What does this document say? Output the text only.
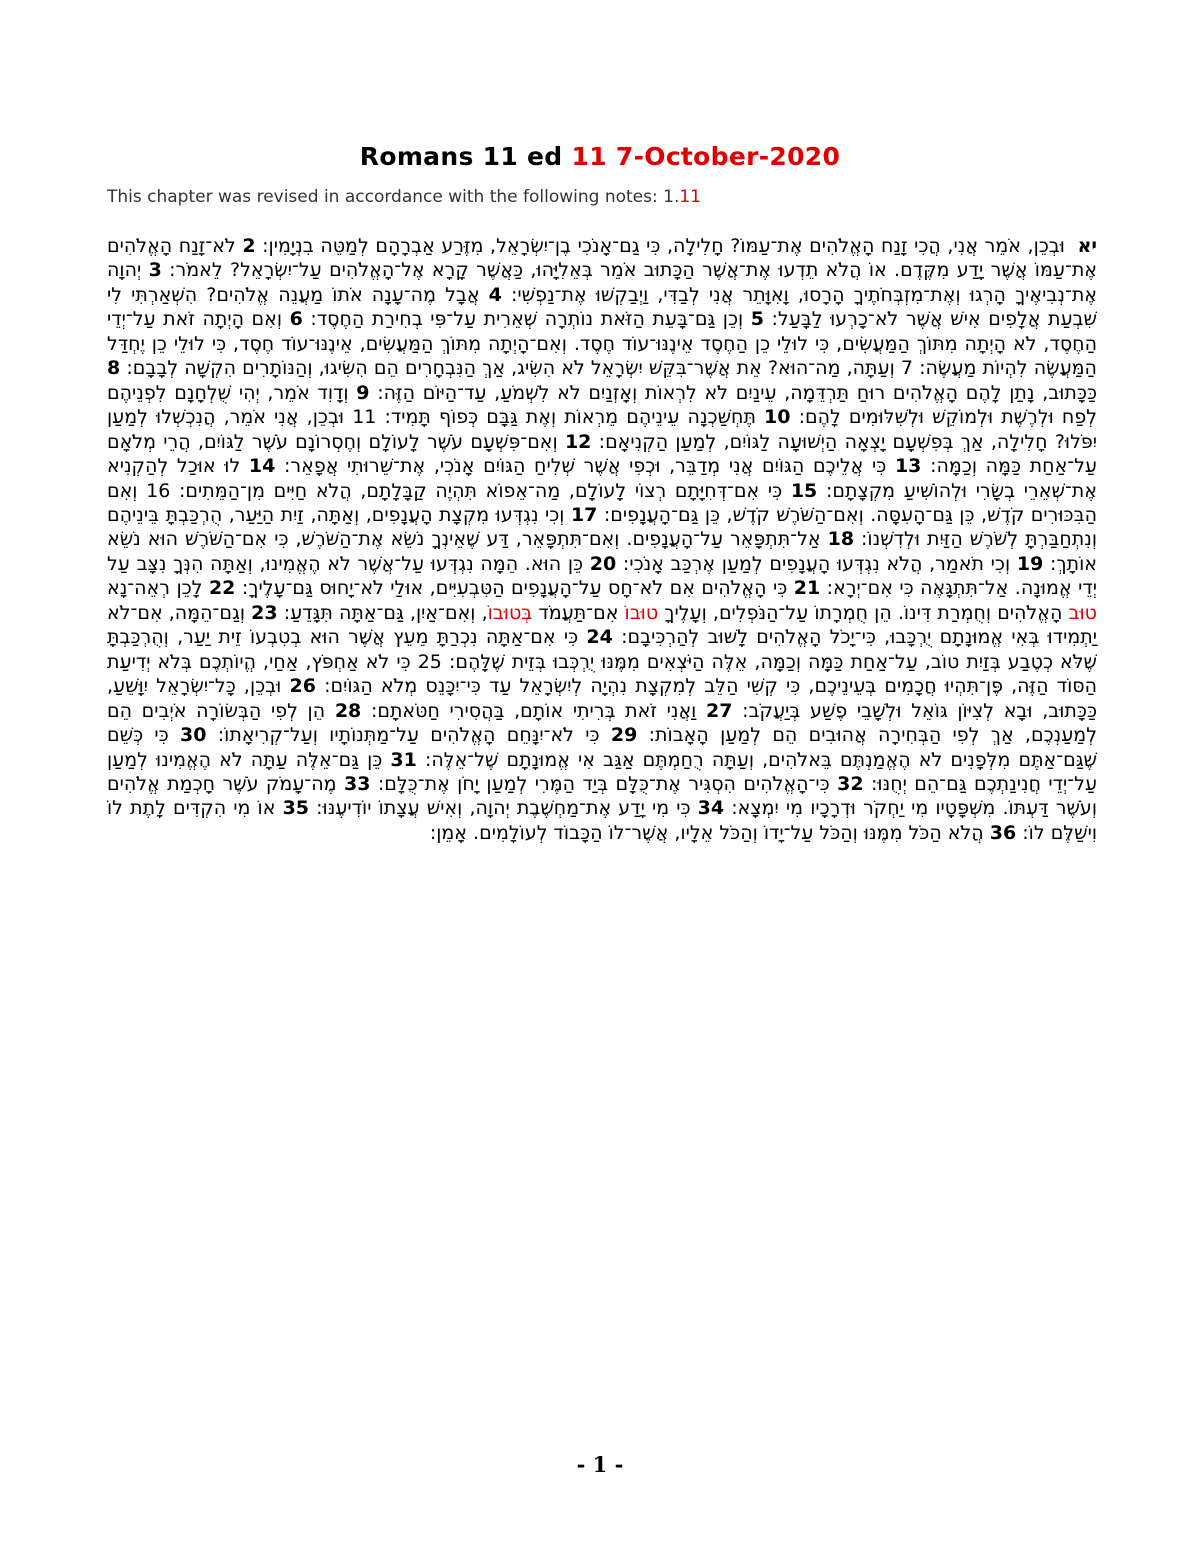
Romans 11 ed 11 7-October-2020

This chapter was revised in accordance with the following notes: 1.11

יא וּבְכֵן, אֹמֵר אֲנִי, הֲכִי זָנַח הָאֱלֹהִים אֶת־עַמּוֹ? חָלִילָה, כִּי גַם־אָנֹכִי בֶן־יִשְׂרָאֵל, מִזֶּרַע אַבְרָהָם לְמַטֵּה בִנְיָמִין: 2 לֹא־זָנַח הָאֱלֹהִים אֶת־עַמּוֹ אֲשֶׁר יָדַע מִקֶּדֶם. אוֹ הֲלֹא תֵדְעוּ אֶת־אֲשֶׁר הַכָּתוּב אֹמֵר בְּאֵלִיָּהוּ, כַּאֲשֶׁר קָרָא אֶל־הָאֱלֹהִים עַל־יִשְׂרָאֵל? לֵאמֹר: 3 יְהוָה אֶת־נְבִיאֶיךָ הָרְגוּ וְאֶת־מִזְבְּחֹתֶיךָ הָרָסוּ, וָאִוָּתֵר אֲנִי לְבַדִּי, וַיְבַקְשׁוּ אֶת־נַפְשִׁי: 4 אֲבָל מֶה־עָנָה אֹתוֹ מַעֲנֵה אֱלֹהִים? הִשְׁאַרְתִּי לִי שִׁבְעַת אֲלָפִים אִישׁ אֲשֶׁר לֹא־כָרְעוּ לַבָּעַל: 5 וְכֵן גַּם־בָּעֵת הַזֹּאת נוֹתְרָה שְׁאֵרִית עַל־פִּי בְחִירַת הַחֶסֶד: 6 וְאִם הָיְתָה זֹאת עַל־יְדֵי הַחֶסֶד, לֹא הָיְתָה מִתּוֹךְ הַמַּעֲשִׂים, כִּי לוּלֵי כֵן הַחֶסֶד אֵינֶנּוּ־עוֹד חֶסֶד. וְאִם־הָיְתָה מִתּוֹךְ הַמַּעֲשִׂים, אֵינֶנּוּ־עוֹד חֶסֶד, כִּי לוּלֵי כֵן יֶחְדַּל הַמַּעֲשֶׂה לִהְיוֹת מַעֲשֶׂה: 7 וְעַתָּה, מַה־הוּא? אֵת אֲשֶׁר־בִּקֵּשׁ יִשְׂרָאֵל לֹא הִשִּׂיג, אַךְ הַנִּבְחָרִים הֵם הִשִּׂיגוּ, וְהַנּוֹתָרִים הִקְשָׁה לְבָבָם: 8 כַּכָּתוּב, נָתַן לָהֶם הָאֱלֹהִים רוּחַ תַּרְדֵּמָה, עֵינַיִם לֹא לִרְאוֹת וְאָזְנַיִם לֹא לִשְׁמֹעַ, עַד־הַיּוֹם הַזֶּה: 9 וְדָוִד אֹמֵר, יְהִי שֻׁלְחָנָם לִפְנֵיהֶם לְפַח וּלְרֶשֶׁת וּלְמוֹקֵשׁ וּלְשִׁלּוּמִים לָהֶם: 10 תֶּחְשַׁכְנָה עֵינֵיהֶם מֵרְאוֹת וְאֶת גַּבָּם כְּפוֹף תָּמִיד: 11 וּבְכֵן, אֲנִי אֹמֵר, הֲנִכְשְׁלוּ לְמַעַן יִפֹּלוּ? חָלִילָה, אַךְ בְּפִשְׁעָם יָצְאָה הַיְשׁוּעָה לַגּוֹיִם, לְמַעַן הַקְנִיאָם: 12 וְאִם־פִּשְׁעָם עֹשֶׁר לָעוֹלָם וְחֶסְרוֹנָם עֹשֶׁר לַגּוֹיִם, הֲרֵי מְלֹאָם עַל־אַחַת כַּמָּה וְכַמָּה: 13 כִּי אֲלֵיכֶם הַגּוֹיִם אֲנִי מְדַבֵּר, וּכְפִי אֲשֶׁר שְׁלִיחַ הַגּוֹיִם אָנֹכִי, אֶת־שֵׁרוּתִי אֲפָאֵר: 14 לוּ אוּכַל לְהַקְנִיא אֶת־שְׁאֵרֵי בְשָׂרִי וּלְהוֹשִׁיעַ מִקְצָתָם: 15 כִּי אִם־דְּחִיָּתָם רְצוֹי לָעוֹלָם, מַה־אֵפוֹא תִּהְיֶה קַבָּלָתָם, הֲלֹא חַיִּים מִן־הַמֵּתִים: 16 וְאִם הַבִּכּוּרִים קֹדֶשׁ, כֵּן גַּם־הָעִסָּה. וְאִם־הַשֹּׁרֶשׁ קֹדֶשׁ, כֵּן גַּם־הָעֲנָפִים: 17 וְכִי נִגְדְּעוּ מִקְצָת הָעֲנָפִים, וְאַתָּה, זַיִת הַיַּעַר, הֻרְכַּבְתָּ בֵּינֵיהֶם וְנִתְחַבַּרְתָּ לְשֹׁרֶשׁ הַזַּיִת וּלְדִשְׁנוֹ: 18 אַל־תִּתְפָּאֵר עַל־הָעֲנָפִים. וְאִם־תִּתְפָּאֵר, דַּע שֶׁאֵינְךָ נֹשֵׂא אֶת־הַשֹּׁרֶשׁ, כִּי אִם־הַשֹּׁרֶשׁ הוּא נֹשֵׂא אוֹתָךְ: 19 וְכִי תֹאמַר, הֲלֹא נִגְדְּעוּ הָעֲנָפִים לְמַעַן אֶרְכַּב אָנֹכִי: 20 כֵּן הוּא. הֵמָּה נִגְדְּעוּ עַל־אֲשֶׁר לֹא הֶאֱמִינוּ, וְאַתָּה הִנְּךָ נִצָּב עַל יְדֵי אֱמוּנָה. אַל־תִּתְגָּאֶה כִּי אִם־יְרָא: 21 כִּי הָאֱלֹהִים אִם לֹא־חָס עַל־הָעֲנָפִים הַטִּבְעִיִּים, אוּלַי לֹא־יָחוּס גַּם־עָלֶיךָ: 22 לָכֵן רְאֵה־נָא טוּב הָאֱלֹהִים וְחֻמְרַת דִּינוֹ. הֵן חֻמְרָתוֹ עַל־הַנֹּפְלִים, וְעָלֶיךָ טוּבוֹ אִם־תַּעֲמֹד בְּטוּבוֹ, וְאִם־אַיִן, גַּם־אַתָּה תִּגָּדֵעַ: 23 וְגַם־הֵמָּה, אִם־לֹא יַתְמִידוּ בְּאִי אֱמוּנָתָם יֻרְכָּבוּ, כִּי־יָכֹל הָאֱלֹהִים לָשׁוּב לְהַרְכִּיבָם: 24 כִּי אִם־אַתָּה נִכְרַתָּ מֵעֵץ אֲשֶׁר הוּא בְטִבְעוֹ זֵית יַעַר, וְהֻרְכַּבְתָּ שֶׁלֹּא כְטֶבַע בְּזַיִת טוֹב, עַל־אַחַת כַּמָּה וְכַמָּה, אֵלֶּה הַיֹּצְאִים מִמֶּנּוּ יֻרְכְּבוּ בְּזֵית שֶׁלָּהֶם: 25 כִּי לֹא אַחְפֹּץ, אַחַי, הֱיוֹתְכֶם בְּלֹא יְדִיעַת הַסּוֹד הַזֶּה, פֶּן־תִּהְיוּ חֲכָמִים בְּעֵינֵיכֶם, כִּי קְשִׁי הַלֵּב לְמִקְצָת נִהְיָה לְיִשְׂרָאֵל עַד כִּי־יִכָּנֵס מְלֹא הַגּוֹיִם: 26 וּבְכֵן, כָּל־יִשְׂרָאֵל יִוָּשֵׁעַ, כַּכָּתוּב, וּבָא לְצִיּוֹן גּוֹאֵל וּלְשָׁבֵי פֶשַׁע בְּיַעֲקֹב: 27 וַאֲנִי זֹאת בְּרִיתִי אוֹתָם, בַּהֲסִירִי חַטֹּאתָם: 28 הֵן לְפִי הַבְּשׂוֹרָה אֹיְבִים הֵם לְמַעַנְכֶם, אַךְ לְפִי הַבְּחִירָה אֲהוּבִים הֵם לְמַעַן הָאָבוֹת: 29 כִּי לֹא־יִנָּחֵם הָאֱלֹהִים עַל־מַתְּנוֹתָיו וְעַל־קְרִיאָתוֹ: 30 כִּי כְּשֵׁם שֶׁגַּם־אַתֶּם מִלְּפָנִים לֹא הֶאֱמַנְתֶּם בֵּאלֹהִים, וְעַתָּה רֻחַמְתֶּם אַגַּב אִי אֱמוּנָתָם שֶׁל־אֵלֶּה: 31 כֵּן גַּם־אֵלֶּה עַתָּה לֹא הֶאֱמִינוּ לְמַעַן עַל־יְדֵי חֲנִינַתְכֶם גַּם־הֵם יְחֻנּוּ: 32 כִּי־הָאֱלֹהִים הִסְגִּיר אֶת־כֻּלָּם בְּיַד הַמֶּרִי לְמַעַן יָחֹן אֶת־כֻּלָּם: 33 מֶה־עָמֹק עֹשֶׁר חָכְמַת אֱלֹהִים וְעֹשֶׁר דַּעְתּוֹ. מִשְׁפָּטָיו מִי יַחְקֹר וּדְרָכָיו מִי יִמְצָא: 34 כִּי מִי יָדַע אֶת־מַחְשֶׁבֶת יְהוָה, וְאִישׁ עֲצָתוֹ יוֹדִיעֶנּוּ: 35 אוֹ מִי הִקְדִּים לָתֶת לוֹ וִישַׁלֶּם לוֹ: 36 הֲלֹא הַכֹּל מִמֶּנּוּ וְהַכֹּל עַל־יָדוֹ וְהַכֹּל אֵלָיו, אֲשֶׁר־לוֹ הַכָּבוֹד לְעוֹלָמִים. אָמֵן:

- 1 -
